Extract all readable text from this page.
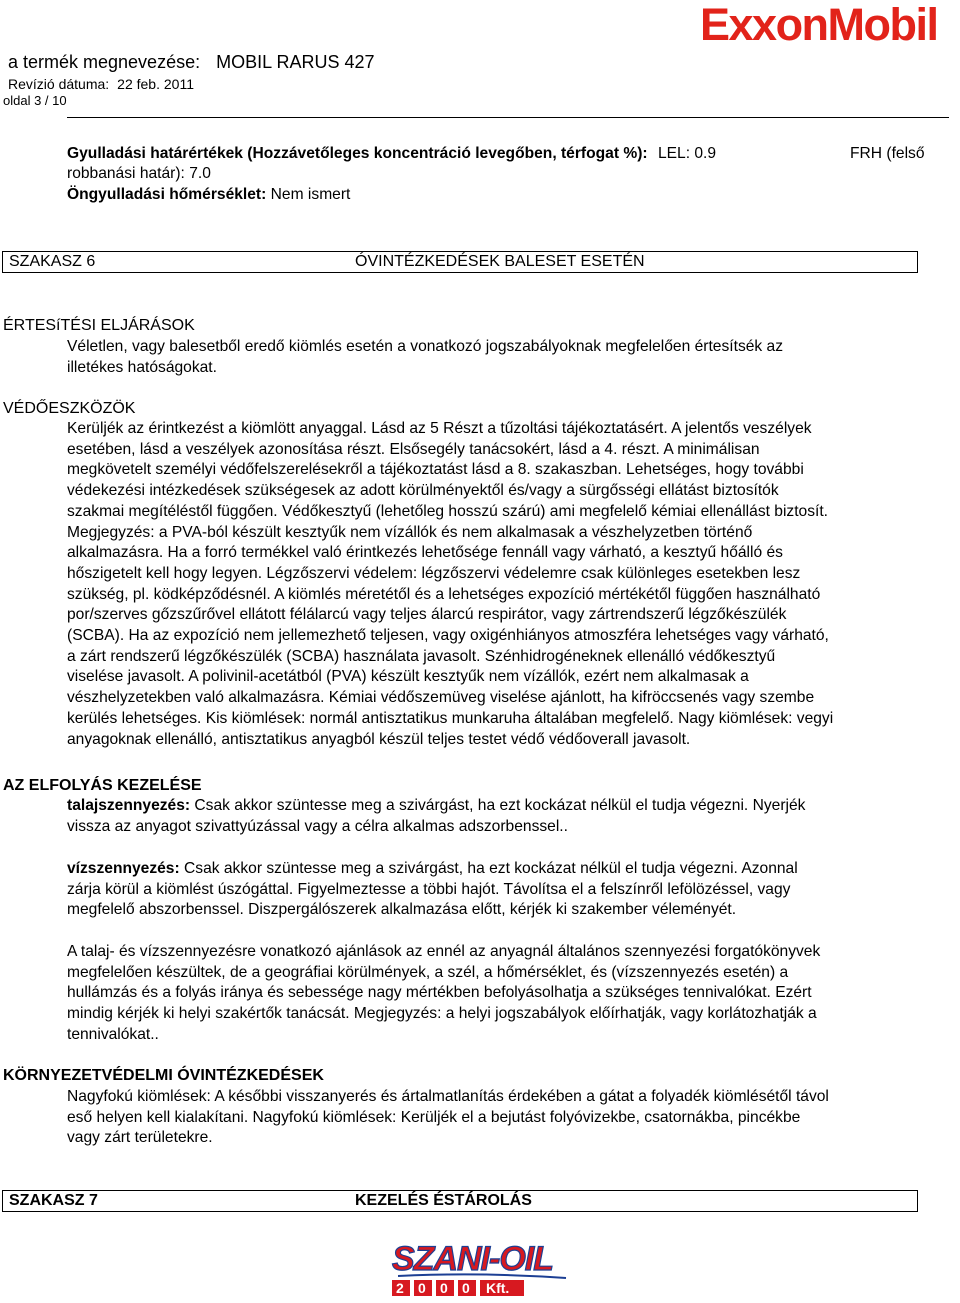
a termék megnevezése: MOBIL RARUS 427
Revízió dátuma: 22 feb. 2011
oldal 3 / 10
ExxonMobil
Gyulladási határértékek (Hozzávetőleges koncentráció levegőben, térfogat %): LEL: 0.9	FRH (felső
robbanási határ): 7.0
Öngyulladási hőmérséklet: Nem ismert
SZAKASZ 6	ÓVINTÉZKEDÉSEK BALESET ESETÉN
ÉRTESíTÉSI ELJÁRÁSOK
Véletlen, vagy balesetből eredő kiömlés esetén a vonatkozó jogszabályoknak megfelelően értesítsék az
illetékes hatóságokat.
VÉDŐESZKÖZÖK
Kerüljék az érintkezést a kiömlött anyaggal. Lásd az 5 Részt a tűzoltási tájékoztatásért. A jelentős veszélyek
esetében, lásd a veszélyek azonosítása részt. Elsősegély tanácsokért, lásd a 4. részt. A minimálisan
megkövetelt személyi védőfelszerelésekről a tájékoztatást lásd a 8. szakaszban. Lehetséges, hogy további
védekezési intézkedések szükségesek az adott körülményektől és/vagy a sürgősségi ellátást biztosítók
szakmai megítéléstől függően. Védőkesztyű (lehetőleg hosszú szárú) ami megfelelő kémiai ellenállást biztosít.
Megjegyzés: a PVA-ból készült kesztyűk nem vízállók és nem alkalmasak a vészhelyzetben történő
alkalmazásra. Ha a forró termékkel való érintkezés lehetősége fennáll vagy várható, a kesztyű hőálló és
hőszigetelt kell hogy legyen. Légzőszervi védelem: légzőszervi védelemre csak különleges esetekben lesz
szükség, pl. ködképződésnél. A kiömlés méretétől és a lehetséges expozíció mértékétől függően használható
por/szerves gőzszűrővel ellátott félálarcú vagy teljes álarcú respirátor, vagy zártrendszerű légzőkészülék
(SCBA). Ha az expozíció nem jellemezhető teljesen, vagy oxigénhiányos atmoszféra lehetséges vagy várható,
a zárt rendszerű légzőkészülék (SCBA) használata javasolt. Szénhidrogéneknek ellenálló védőkesztyű
viselése javasolt. A polivinil-acetátból (PVA) készült kesztyűk nem vízállók, ezért nem alkalmasak a
vészhelyzetekben való alkalmazásra. Kémiai védőszemüveg viselése ajánlott, ha kifröccsenés vagy szembe
kerülés lehetséges. Kis kiömlések: normál antisztatikus munkaruha általában megfelelő. Nagy kiömlések: vegyi
anyagoknak ellenálló, antisztatikus anyagból készül teljes testet védő védőoverall javasolt.
AZ ELFOLYÁS KEZELÉSE
talajszennyezés: Csak akkor szüntesse meg a szivárgást, ha ezt kockázat nélkül el tudja végezni. Nyerjék
vissza az anyagot szivattyúzással vagy a célra alkalmas adszorbenssel..
vízszennyezés: Csak akkor szüntesse meg a szivárgást, ha ezt kockázat nélkül el tudja végezni. Azonnal
zárja körül a kiömlést úszógáttal. Figyelmeztesse a többi hajót. Távolítsa el a felszínről lefölözéssel, vagy
megfelelő abszorbenssel. Diszpergálószerek alkalmazása előtt, kérjék ki szakember véleményét.
A talaj- és vízszennyezésre vonatkozó ajánlások az ennél az anyagnál általános szennyezési forgatókönyvek
megfelelően készültek, de a geográfiai körülmények, a szél, a hőmérséklet, és (vízszennyezés esetén) a
hullámzás és a folyás iránya és sebessége nagy mértékben befolyásolhatja a szükséges tennivalókat. Ezért
mindig kérjék ki helyi szakértők tanácsát. Megjegyzés: a helyi jogszabályok előírhatják, vagy korlátozhatják a
tennivalókat..
KÖRNYEZETVÉDELMI ÓVINTÉZKEDÉSEK
Nagyfokú kiömlések: A későbbi visszanyerés és ártalmatlanítás érdekében a gátat a folyadék kiömlésétől távol
eső helyen kell kialakítani. Nagyfokú kiömlések: Kerüljék el a bejutást folyóvizekbe, csatornákba, pincékbe
vagy zárt területekre.
SZAKASZ 7	KEZELÉS ÉSTÁROLÁS
SZANI-OIL
2 0 0 0 Kft.
